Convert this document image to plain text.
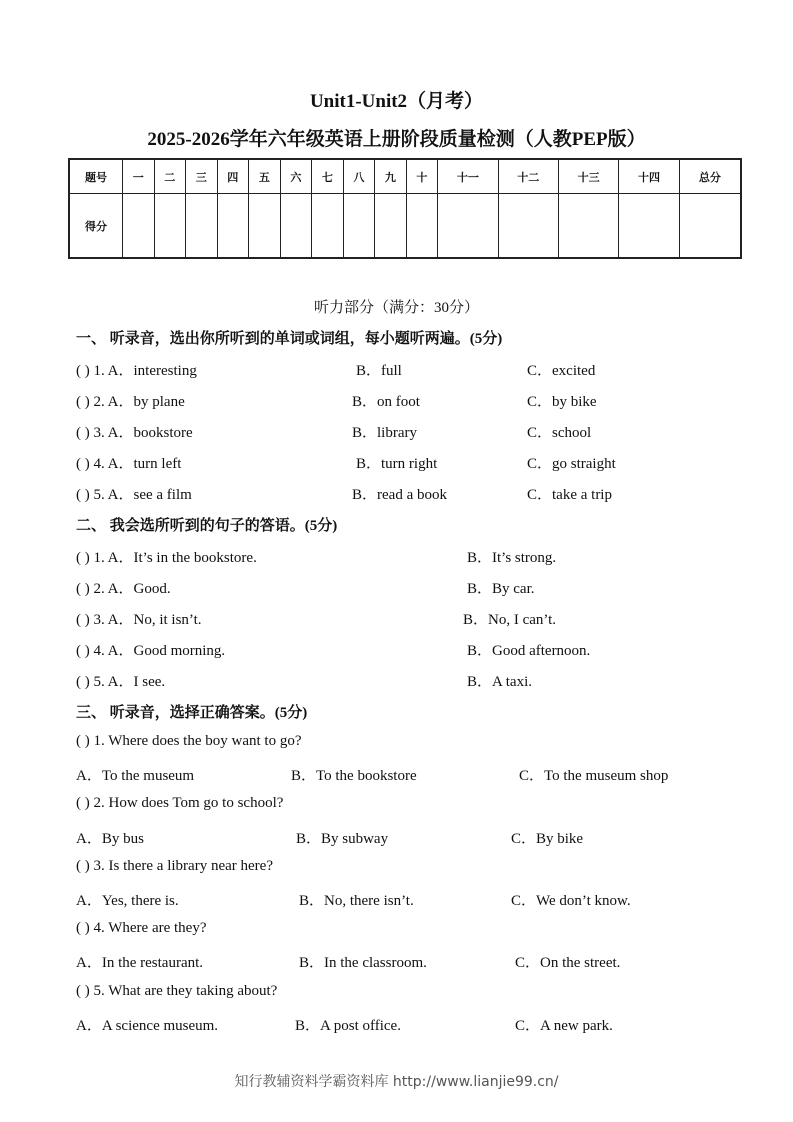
Unit1-Unit2（月考）
2025-2026学年六年级英语上册阶段质量检测（人教PEP版）
题号	一	二	三	四	五	六	七	八	九	十	十一	十二	十三	十四	总分
得分															
听力部分（满分：30分）
一、 听录音，选出你所听到的单词或词组，每小题听两遍。(5分)
( ) 1. A．interesting	B．full	C．excited
( ) 2. A．by plane	B．on foot	C．by bike
( ) 3. A．bookstore	B．library	C．school
( ) 4. A．turn left	B．turn right	C．go straight
( ) 5. A．see a film	B．read a book	C．take a trip
二、 我会选所听到的句子的答语。(5分)
( ) 1. A．It’s in the bookstore.	B．It’s strong.
( ) 2. A．Good.	B．By car.
( ) 3. A．No, it isn’t.	B．No, I can’t.
( ) 4. A．Good morning.	B．Good afternoon.
( ) 5. A．I see.	B．A taxi.
三、 听录音，选择正确答案。(5分)
( ) 1. Where does the boy want to go?
A．To the museum	B．To the bookstore	C．To the museum shop
( ) 2. How does Tom go to school?
A．By bus	B．By subway	C．By bike
( ) 3. Is there a library near here?
A．Yes, there is.	B．No, there isn’t.	C．We don’t know.
( ) 4. Where are they?
A．In the restaurant.	B．In the classroom.	C．On the street.
( ) 5. What are they taking about?
A．A science museum.	B．A post office.	C．A new park.
知行教辅资料学霸资料库 http://www.lianjie99.cn/
